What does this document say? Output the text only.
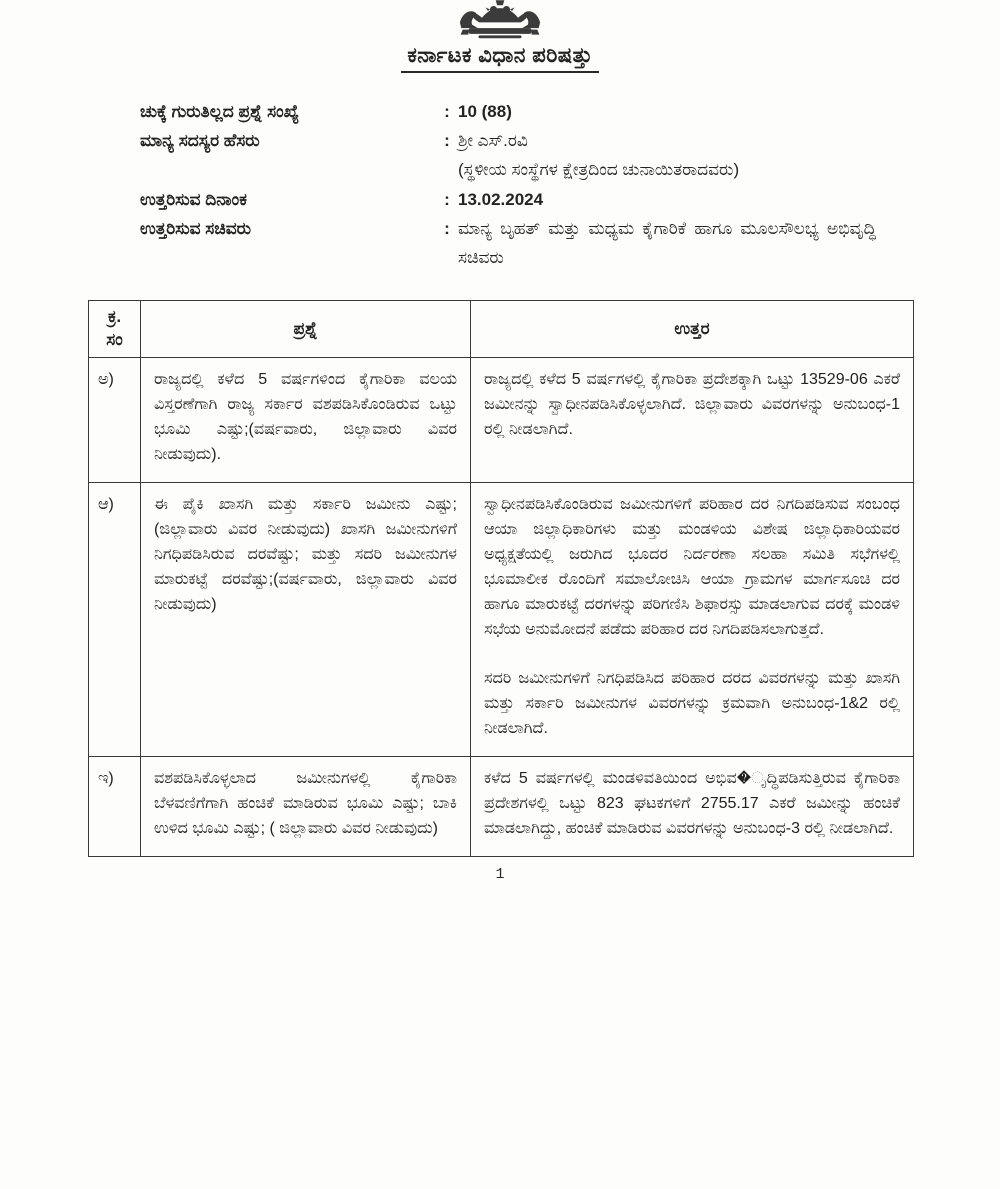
ಕರ್ನಾಟಕ ವಿಧಾನ ಪರಿಷತ್ತು
ಚುಕ್ಕೆ ಗುರುತಿಲ್ಲದ ಪ್ರಶ್ನೆ ಸಂಖ್ಯೆ	: 10 (88)
ಮಾನ್ಯ ಸದಸ್ಯರ ಹೆಸರು	: ಶ್ರೀ ಎಸ್.ರವಿ
(ಸ್ಥಳೀಯ ಸಂಸ್ಥೆಗಳ ಕ್ಷೇತ್ರದಿಂದ ಚುನಾಯಿತರಾದವರು)
ಉತ್ತರಿಸುವ ದಿನಾಂಕ	: 13.02.2024
ಉತ್ತರಿಸುವ ಸಚಿವರು	: ಮಾನ್ಯ ಬೃಹತ್ ಮತ್ತು ಮಧ್ಯಮ ಕೈಗಾರಿಕೆ ಹಾಗೂ ಮೂಲಸೌಲಭ್ಯ ಅಭಿವೃದ್ಧಿ ಸಚಿವರು
ಕ್ರ.
ಸಂ	ಪ್ರಶ್ನೆ	ಉತ್ತರ
ಅ)	ರಾಜ್ಯದಲ್ಲಿ ಕಳೆದ 5 ವರ್ಷಗಳಿಂದ ಕೈಗಾರಿಕಾ ವಲಯ ವಿಸ್ತರಣೆಗಾಗಿ ರಾಜ್ಯ ಸರ್ಕಾರ ವಶಪಡಿಸಿಕೊಂಡಿರುವ ಒಟ್ಟು ಭೂಮಿ ಎಷ್ಟು;(ವರ್ಷವಾರು, ಜಿಲ್ಲಾವಾರು ವಿವರ ನೀಡುವುದು).	ರಾಜ್ಯದಲ್ಲಿ ಕಳೆದ 5 ವರ್ಷಗಳಲ್ಲಿ ಕೈಗಾರಿಕಾ ಪ್ರದೇಶಕ್ಕಾಗಿ ಒಟ್ಟು 13529-06 ಎಕರೆ ಜಮೀನನ್ನು ಸ್ವಾಧೀನಪಡಿಸಿಕೊಳ್ಳಲಾಗಿದೆ. ಜಿಲ್ಲಾವಾರು ವಿವರಗಳನ್ನು ಅನುಬಂಧ-1 ರಲ್ಲಿ ನೀಡಲಾಗಿದೆ.

ಆ)	ಈ ಪೈಕಿ ಖಾಸಗಿ ಮತ್ತು ಸರ್ಕಾರಿ ಜಮೀನು ಎಷ್ಟು; (ಜಿಲ್ಲಾವಾರು ವಿವರ ನೀಡುವುದು) ಖಾಸಗಿ ಜಮೀನುಗಳಿಗೆ ನಿಗಧಿಪಡಿಸಿರುವ ದರವೆಷ್ಟು; ಮತ್ತು ಸದರಿ ಜಮೀನುಗಳ ಮಾರುಕಟ್ಟೆ ದರವೆಷ್ಟು;(ವರ್ಷವಾರು, ಜಿಲ್ಲಾವಾರು ವಿವರ ನೀಡುವುದು)	ಸ್ವಾಧೀನಪಡಿಸಿಕೊಂಡಿರುವ ಜಮೀನುಗಳಿಗೆ ಪರಿಹಾರ ದರ ನಿಗದಿಪಡಿಸುವ ಸಂಬಂಧ ಆಯಾ ಜಿಲ್ಲಾಧಿಕಾರಿಗಳು ಮತ್ತು ಮಂಡಳಿಯ ವಿಶೇಷ ಜಿಲ್ಲಾಧಿಕಾರಿಯವರ ಅಧ್ಯಕ್ಷತೆಯಲ್ಲಿ ಜರುಗಿದ ಭೂದರ ನಿರ್ದರಣಾ ಸಲಹಾ ಸಮಿತಿ ಸಭೆಗಳಲ್ಲಿ ಭೂಮಾಲೀಕ ರೊಂದಿಗೆ ಸಮಾಲೋಚಿಸಿ ಆಯಾ ಗ್ರಾಮಗಳ ಮಾರ್ಗಸೂಚಿ ದರ ಹಾಗೂ ಮಾರುಕಟ್ಟೆ ದರಗಳನ್ನು ಪರಿಗಣಿಸಿ ಶಿಫಾರಸ್ಸು ಮಾಡಲಾಗುವ ದರಕ್ಕೆ ಮಂಡಳಿ ಸಭೆಯ ಅನುಮೋದನೆ ಪಡೆದು ಪರಿಹಾರ ದರ ನಿಗದಿಪಡಿಸಲಾಗುತ್ತದೆ.

ಸದರಿ ಜಮೀನುಗಳಿಗೆ ನಿಗಧಿಪಡಿಸಿದ ಪರಿಹಾರ ದರದ ವಿವರಗಳನ್ನು ಮತ್ತು ಖಾಸಗಿ ಮತ್ತು ಸರ್ಕಾರಿ ಜಮೀನುಗಳ ವಿವರಗಳನ್ನು ಕ್ರಮವಾಗಿ ಅನುಬಂಧ-1&2 ರಲ್ಲಿ ನೀಡಲಾಗಿದೆ.

ಇ)	ವಶಪಡಿಸಿಕೊಳ್ಳಲಾದ ಜಮೀನುಗಳಲ್ಲಿ ಕೈಗಾರಿಕಾ ಬೆಳವಣಿಗೆಗಾಗಿ ಹಂಚಿಕೆ ಮಾಡಿರುವ ಭೂಮಿ ಎಷ್ಟು; ಬಾಕಿ ಉಳಿದ ಭೂಮಿ ಎಷ್ಟು; ( ಜಿಲ್ಲಾವಾರು ವಿವರ ನೀಡುವುದು)	ಕಳೆದ 5 ವರ್ಷಗಳಲ್ಲಿ ಮಂಡಳಿವತಿಯಿಂದ ಅಭಿವ�ೃದ್ಧಿಪಡಿಸುತ್ತಿರುವ ಕೈಗಾರಿಕಾ ಪ್ರದೇಶಗಳಲ್ಲಿ ಒಟ್ಟು 823 ಘಟಕಗಳಿಗೆ 2755.17 ಎಕರೆ ಜಮೀನ್ನು ಹಂಚಿಕೆ ಮಾಡಲಾಗಿದ್ದು, ಹಂಚಿಕೆ ಮಾಡಿರುವ ವಿವರಗಳನ್ನು ಅನುಬಂಧ-3 ರಲ್ಲಿ ನೀಡಲಾಗಿದೆ.

1
